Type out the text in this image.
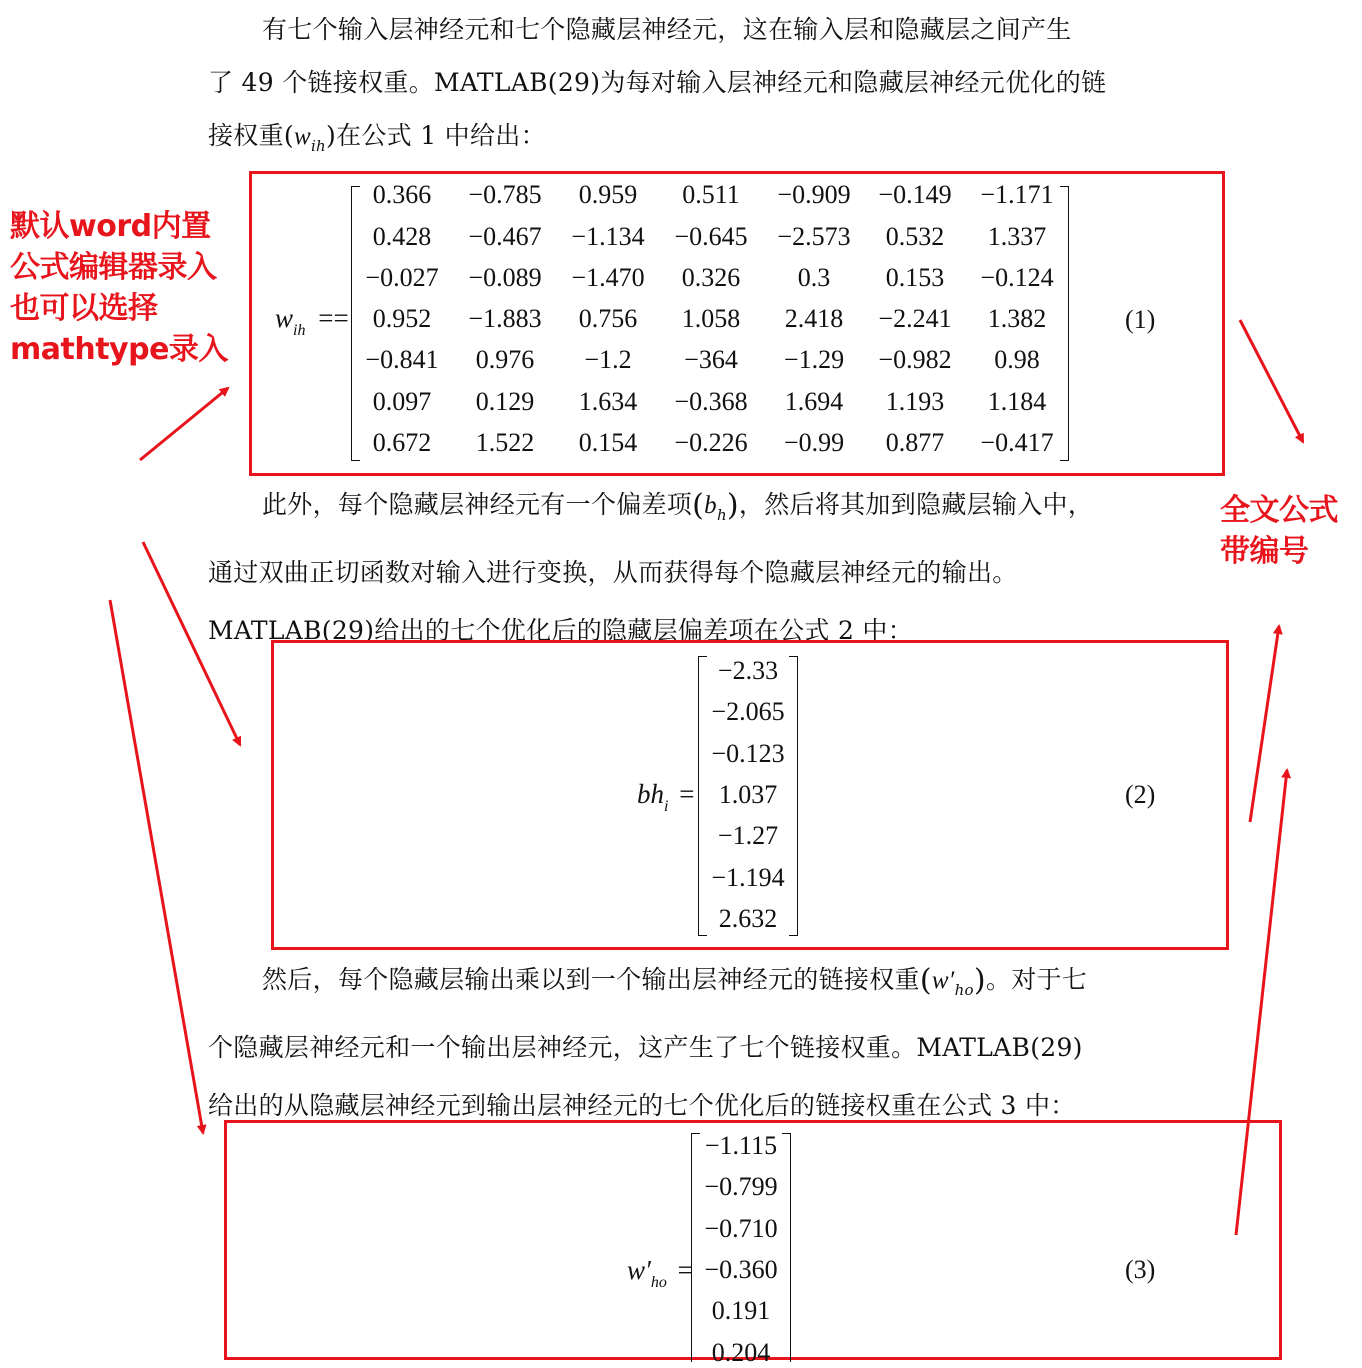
有七个输入层神经元和七个隐藏层神经元，这在输入层和隐藏层之间产生
了 49 个链接权重。MATLAB(29)为每对输入层神经元和隐藏层神经元优化的链
接权重$(w_{ih})$在公式 1 中给出：
$w_{ih}$ ==
0.366	−0.785	0.959	0.511	−0.909	−0.149	−1.171
0.428	−0.467	−1.134	−0.645	−2.573	0.532	1.337
−0.027	−0.089	−1.470	0.326	0.3	0.153	−0.124
0.952	−1.883	0.756	1.058	2.418	−2.241	1.382
−0.841	0.976	−1.2	−364	−1.29	−0.982	0.98
0.097	0.129	1.634	−0.368	1.694	1.193	1.184
0.672	1.522	0.154	−0.226	−0.99	0.877	−0.417
(1)
此外，每个隐藏层神经元有一个偏差项$(b_h)$，然后将其加到隐藏层输入中，
通过双曲正切函数对输入进行变换，从而获得每个隐藏层神经元的输出。
MATLAB(29)给出的七个优化后的隐藏层偏差项在公式 2 中：
$bh_i$ =
−2.33
−2.065
−0.123
1.037
−1.27
−1.194
2.632
(2)
然后，每个隐藏层输出乘以到一个输出层神经元的链接权重$(w'_{ho})$。对于七
个隐藏层神经元和一个输出层神经元，这产生了七个链接权重。MATLAB(29)
给出的从隐藏层神经元到输出层神经元的七个优化后的链接权重在公式 3 中：
$w'_{ho}$ =
−1.115
−0.799
−0.710
−0.360
0.191
0.204
(3)
默认word内置
公式编辑器录入
也可以选择
mathtype录入
全文公式
带编号
